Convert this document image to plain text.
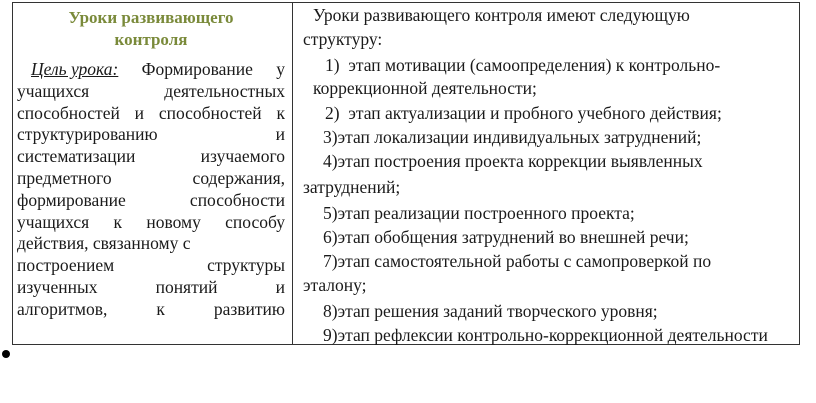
Уроки развивающего
контроля
Цель урока: Формирование у
учащихся	деятельностных
способностей и способностей к
структурированию	и
систематизации	изучаемого
предметного	содержания,
формирование	способности
учащихся к новому способу
действия, связанному с
построением	структуры
изученных	понятий	и
алгоритмов,	к	развитию
Уроки развивающего контроля имеют следующую
структуру:
1) этап мотивации (самоопределения) к контрольно-
коррекционной деятельности;
2) этап актуализации и пробного учебного действия;
3)этап локализации индивидуальных затруднений;
4)этап построения проекта коррекции выявленных
затруднений;
5)этап реализации построенного проекта;
6)этап обобщения затруднений во внешней речи;
7)этап самостоятельной работы с самопроверкой по
эталону;
8)этап решения заданий творческого уровня;
9)этап рефлексии контрольно-коррекционной деятельности
